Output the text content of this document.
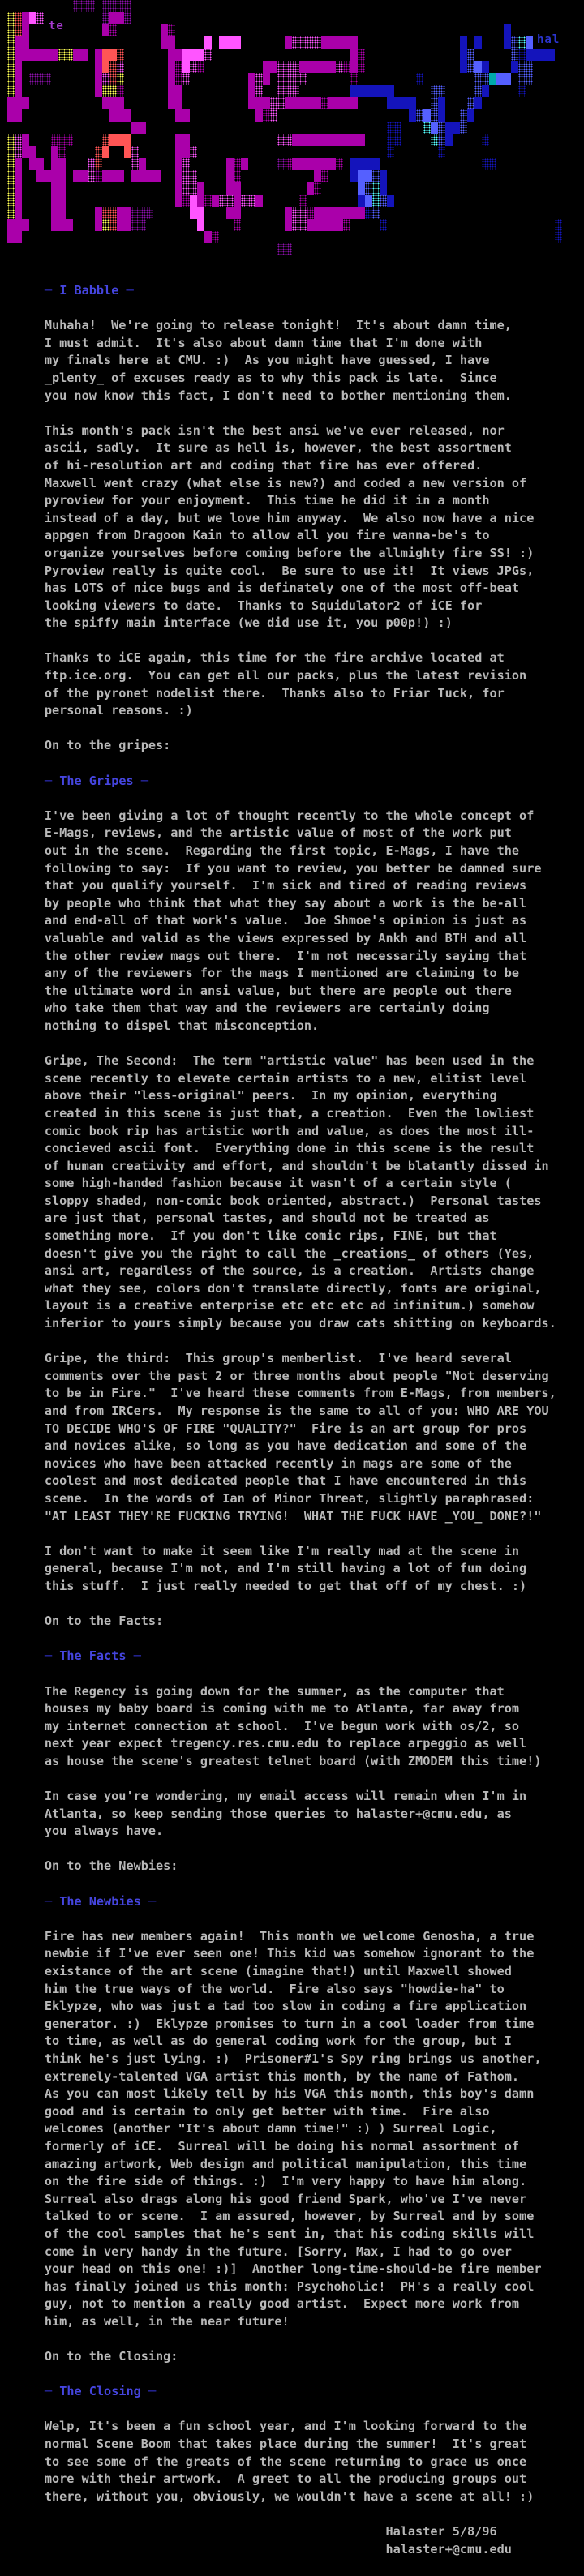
te
hal
─ I Babble ─
Muhaha!  We're going to release tonight!  It's about damn time,
I must admit.  It's also about damn time that I'm done with
my finals here at CMU. :)  As you might have guessed, I have
_plenty_ of excuses ready as to why this pack is late.  Since
you now know this fact, I don't need to bother mentioning them.
This month's pack isn't the best ansi we've ever released, nor
ascii, sadly.  It sure as hell is, however, the best assortment
of hi-resolution art and coding that fire has ever offered.
Maxwell went crazy (what else is new?) and coded a new version of
pyroview for your enjoyment.  This time he did it in a month
instead of a day, but we love him anyway.  We also now have a nice
appgen from Dragoon Kain to allow all you fire wanna-be's to
organize yourselves before coming before the allmighty fire SS! :)
Pyroview really is quite cool.  Be sure to use it!  It views JPGs,
has LOTS of nice bugs and is definately one of the most off-beat
looking viewers to date.  Thanks to Squidulator2 of iCE for
the spiffy main interface (we did use it, you p00p!) :)
Thanks to iCE again, this time for the fire archive located at
ftp.ice.org.  You can get all our packs, plus the latest revision
of the pyronet nodelist there.  Thanks also to Friar Tuck, for
personal reasons. :)
On to the gripes:
─ The Gripes ─
I've been giving a lot of thought recently to the whole concept of
E-Mags, reviews, and the artistic value of most of the work put
out in the scene.  Regarding the first topic, E-Mags, I have the
following to say:  If you want to review, you better be damned sure
that you qualify yourself.  I'm sick and tired of reading reviews
by people who think that what they say about a work is the be-all
and end-all of that work's value.  Joe Shmoe's opinion is just as
valuable and valid as the views expressed by Ankh and BTH and all
the other review mags out there.  I'm not necessarily saying that
any of the reviewers for the mags I mentioned are claiming to be
the ultimate word in ansi value, but there are people out there
who take them that way and the reviewers are certainly doing
nothing to dispel that misconception.
Gripe, The Second:  The term "artistic value" has been used in the
scene recently to elevate certain artists to a new, elitist level
above their "less-original" peers.  In my opinion, everything
created in this scene is just that, a creation.  Even the lowliest
comic book rip has artistic worth and value, as does the most ill-
concieved ascii font.  Everything done in this scene is the result
of human creativity and effort, and shouldn't be blatantly dissed in
some high-handed fashion because it wasn't of a certain style (
sloppy shaded, non-comic book oriented, abstract.)  Personal tastes
are just that, personal tastes, and should not be treated as
something more.  If you don't like comic rips, FINE, but that
doesn't give you the right to call the _creations_ of others (Yes,
ansi art, regardless of the source, is a creation.  Artists change
what they see, colors don't translate directly, fonts are original,
layout is a creative enterprise etc etc etc ad infinitum.) somehow
inferior to yours simply because you draw cats shitting on keyboards.
Gripe, the third:  This group's memberlist.  I've heard several
comments over the past 2 or three months about people "Not deserving
to be in Fire."  I've heard these comments from E-Mags, from members,
and from IRCers.  My response is the same to all of you: WHO ARE YOU
TO DECIDE WHO'S OF FIRE "QUALITY?"  Fire is an art group for pros
and novices alike, so long as you have dedication and some of the
novices who have been attacked recently in mags are some of the
coolest and most dedicated people that I have encountered in this
scene.  In the words of Ian of Minor Threat, slightly paraphrased:
"AT LEAST THEY'RE FUCKING TRYING!  WHAT THE FUCK HAVE _YOU_ DONE?!"
I don't want to make it seem like I'm really mad at the scene in
general, because I'm not, and I'm still having a lot of fun doing
this stuff.  I just really needed to get that off of my chest. :)
On to the Facts:
─ The Facts ─
The Regency is going down for the summer, as the computer that
houses my baby board is coming with me to Atlanta, far away from
my internet connection at school.  I've begun work with os/2, so
next year expect tregency.res.cmu.edu to replace arpeggio as well
as house the scene's greatest telnet board (with ZMODEM this time!)
In case you're wondering, my email access will remain when I'm in
Atlanta, so keep sending those queries to halaster+@cmu.edu, as
you always have.
On to the Newbies:
─ The Newbies ─
Fire has new members again!  This month we welcome Genosha, a true
newbie if I've ever seen one! This kid was somehow ignorant to the
existance of the art scene (imagine that!) until Maxwell showed
him the true ways of the world.  Fire also says "howdie-ha" to
Eklypze, who was just a tad too slow in coding a fire application
generator. :)  Eklypze promises to turn in a cool loader from time
to time, as well as do general coding work for the group, but I
think he's just lying. :)  Prisoner#1's Spy ring brings us another,
extremely-talented VGA artist this month, by the name of Fathom.
As you can most likely tell by his VGA this month, this boy's damn
good and is certain to only get better with time.  Fire also
welcomes (another "It's about damn time!" :) ) Surreal Logic,
formerly of iCE.  Surreal will be doing his normal assortment of
amazing artwork, Web design and political manipulation, this time
on the fire side of things. :)  I'm very happy to have him along.
Surreal also drags along his good friend Spark, who've I've never
talked to or scene.  I am assured, however, by Surreal and by some
of the cool samples that he's sent in, that his coding skills will
come in very handy in the future. [Sorry, Max, I had to go over
your head on this one! :)]  Another long-time-should-be fire member
has finally joined us this month: Psychoholic!  PH's a really cool
guy, not to mention a really good artist.  Expect more work from
him, as well, in the near future!
On to the Closing:
─ The Closing ─
Welp, It's been a fun school year, and I'm looking forward to the
normal Scene Boom that takes place during the summer!  It's great
to see some of the greats of the scene returning to grace us once
more with their artwork.  A greet to all the producing groups out
there, without you, obviously, we wouldn't have a scene at all! :)
Halaster 5/8/96
halaster+@cmu.edu
